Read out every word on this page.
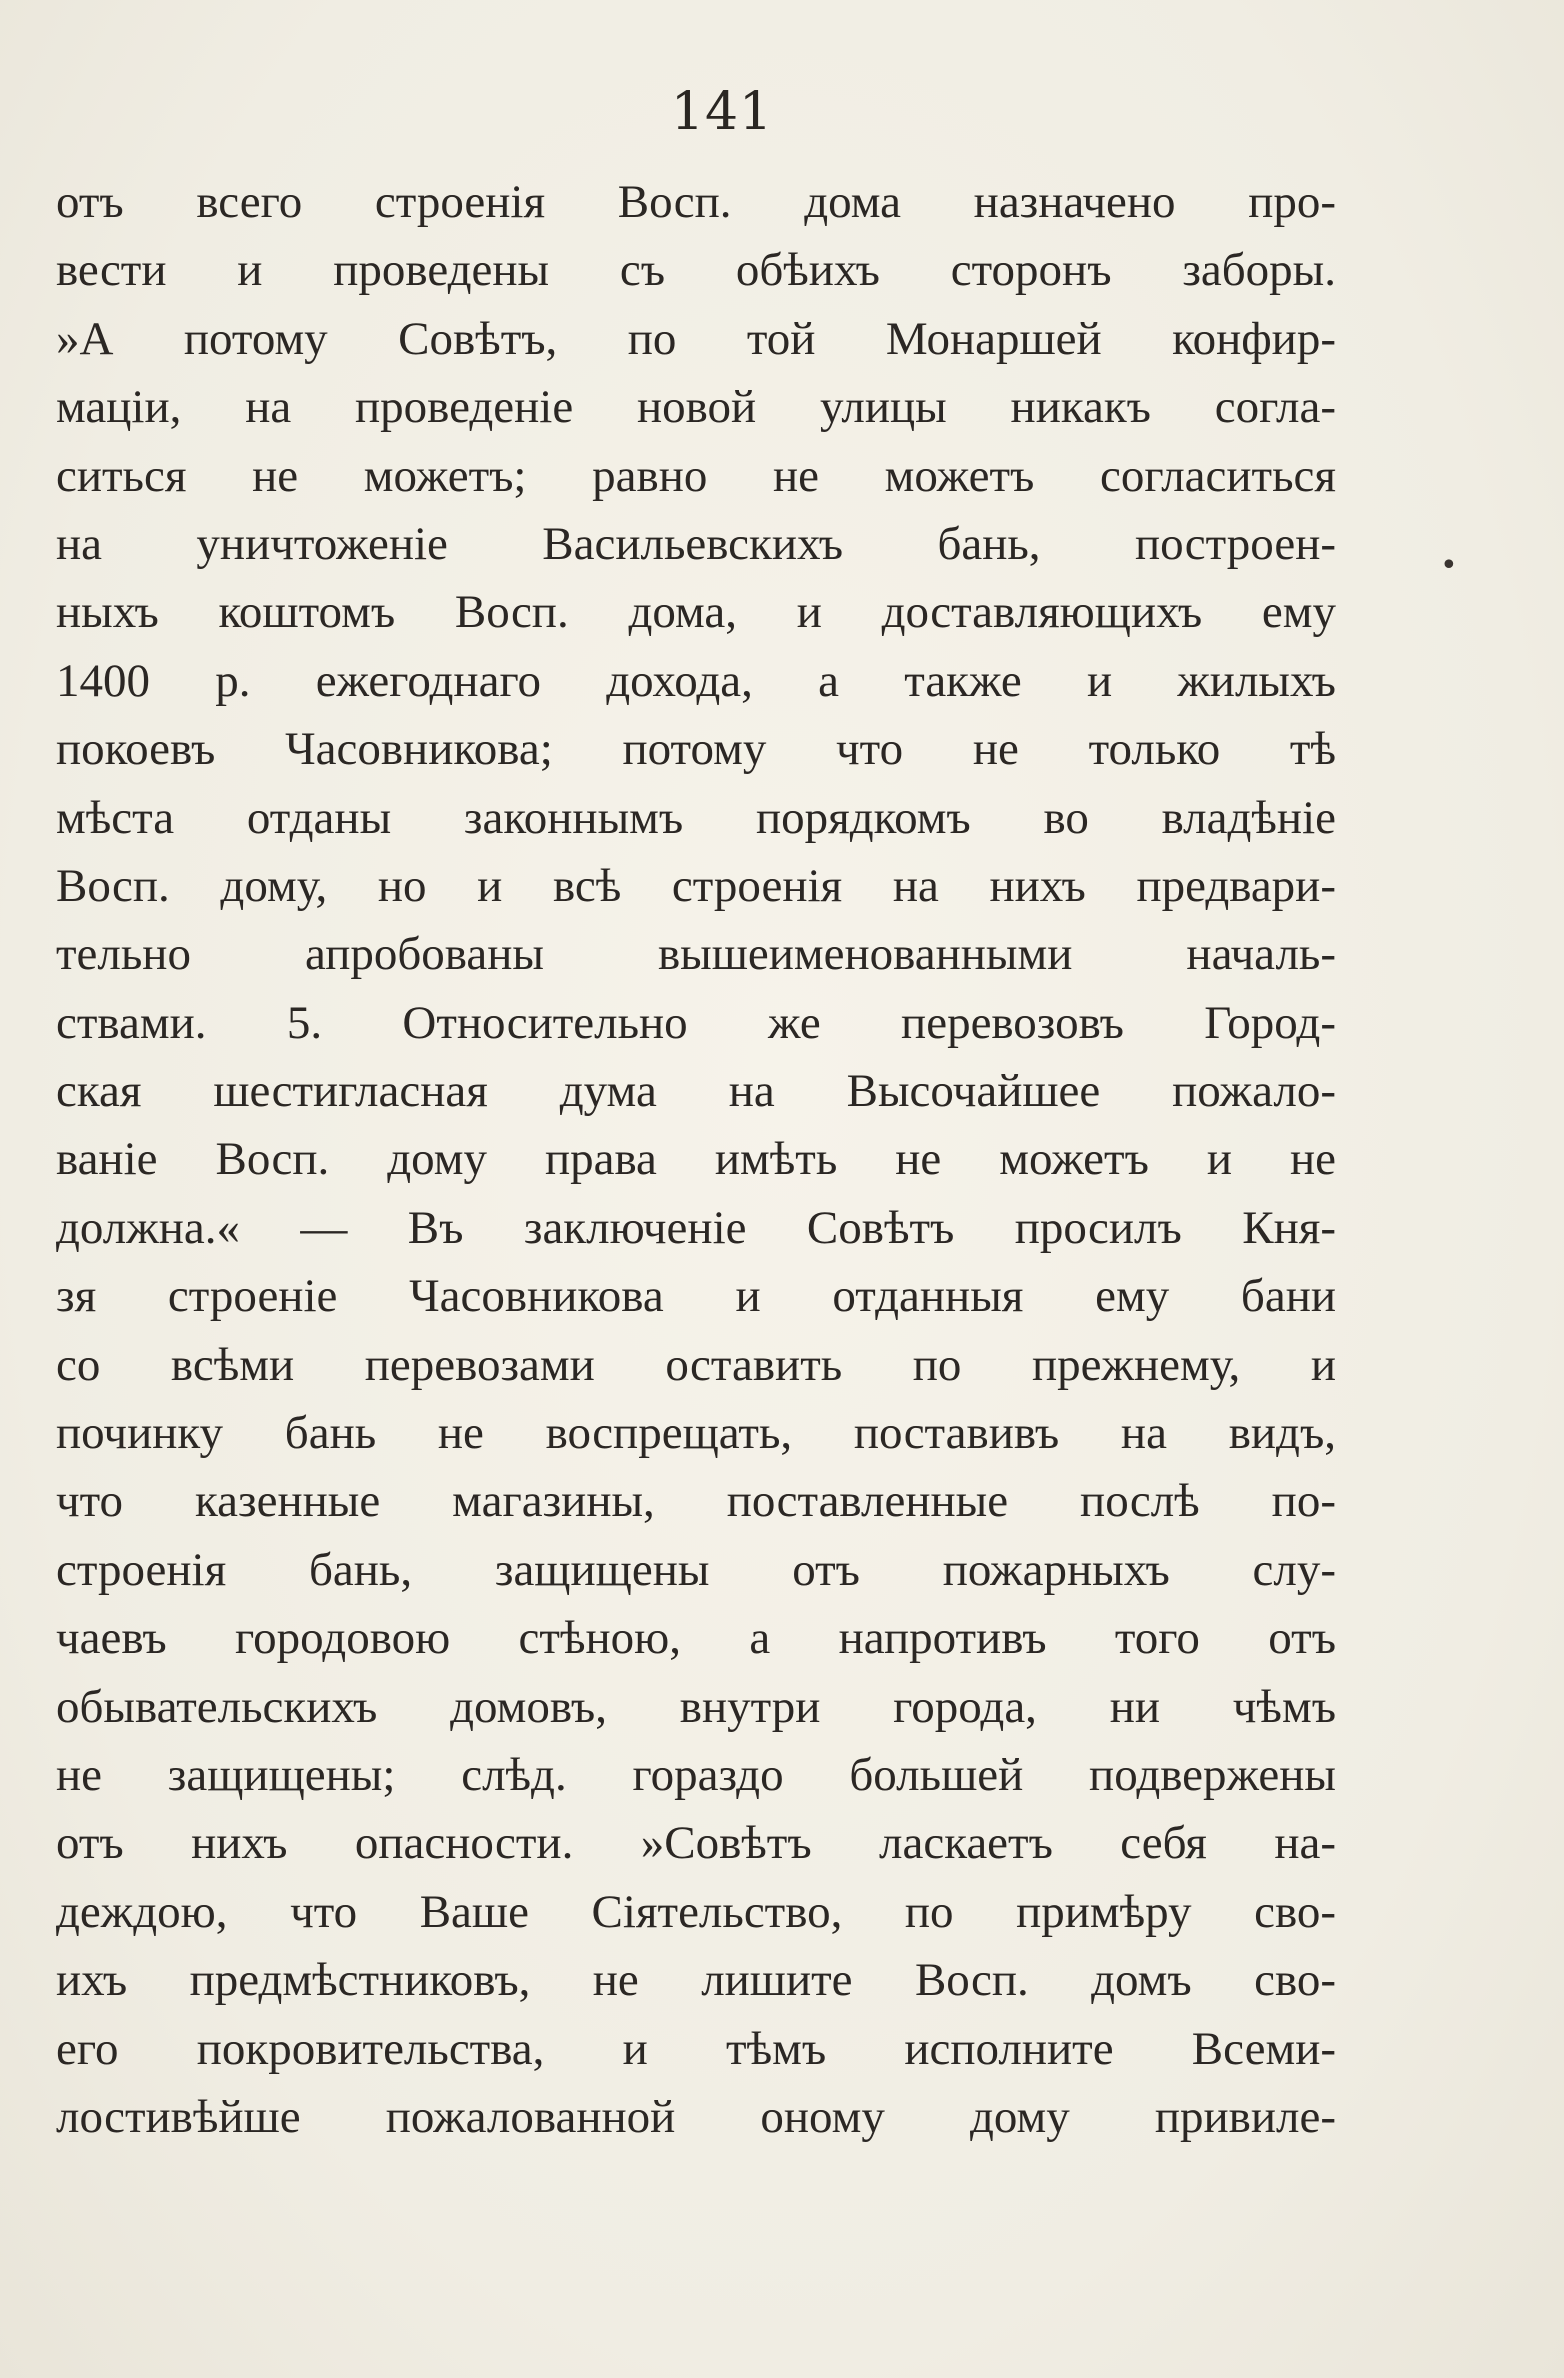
141
отъ всего строенія Восп. дома назначено про-
вести и проведены съ обѣихъ сторонъ заборы.
»А потому Совѣтъ, по той Монаршей конфир-
маціи, на проведеніе новой улицы никакъ согла-
ситься не можетъ; равно не можетъ согласиться
на уничтоженіе Васильевскихъ бань, построен-
ныхъ коштомъ Восп. дома, и доставляющихъ ему
1400 р. ежегоднаго дохода, а также и жилыхъ
покоевъ Часовникова; потому что не только тѣ
мѣста отданы законнымъ порядкомъ во владѣніе
Восп. дому, но и всѣ строенія на нихъ предвари-
тельно апробованы вышеименованными началь-
ствами. 5. Относительно же перевозовъ Город-
ская шестигласная дума на Высочайшее пожало-
ваніе Восп. дому права имѣть не можетъ и не
должна.« — Въ заключеніе Совѣтъ просилъ Кня-
зя строеніе Часовникова и отданныя ему бани
со всѣми перевозами оставить по прежнему, и
починку бань не воспрещать, поставивъ на видъ,
что казенные магазины, поставленные послѣ по-
строенія бань, защищены отъ пожарныхъ слу-
чаевъ городовою стѣною, а напротивъ того отъ
обывательскихъ домовъ, внутри города, ни чѣмъ
не защищены; слѣд. гораздо большей подвержены
отъ нихъ опасности. »Совѣтъ ласкаетъ себя на-
деждою, что Ваше Сіятельство, по примѣру сво-
ихъ предмѣстниковъ, не лишите Восп. домъ сво-
его покровительства, и тѣмъ исполните Всеми-
лостивѣйше пожалованной оному дому привиле-
•
